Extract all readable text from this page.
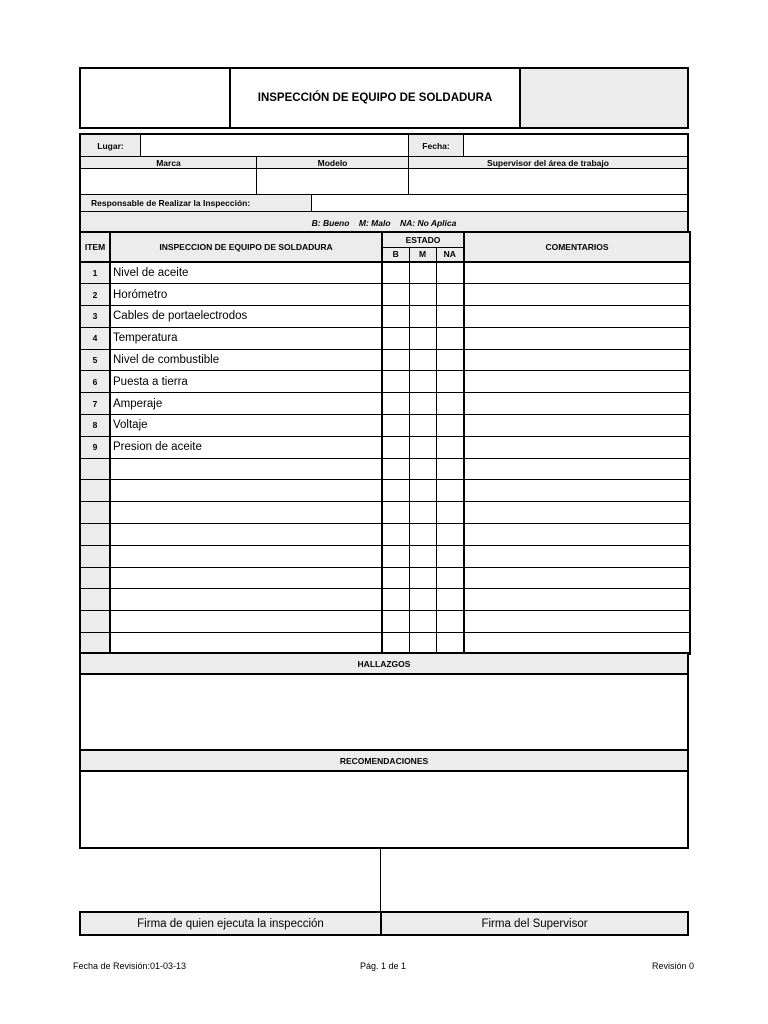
INSPECCIÓN DE EQUIPO DE SOLDADURA
Lugar:	Fecha:
Marca	Modelo	Supervisor del área de trabajo
Responsable de Realizar la Inspección:
B: Bueno    M: Malo    NA: No Aplica
ITEM	INSPECCION DE EQUIPO DE SOLDADURA	ESTADO			COMENTARIOS
		B	M	NA	
1	Nivel de aceite				
2	Horómetro				
3	Cables de portaelectrodos				
4	Temperatura				
5	Nivel de combustible				
6	Puesta a tierra				
7	Amperaje				
8	Voltaje				
9	Presion de aceite				

HALLAZGOS
RECOMENDACIONES
Firma de quien ejecuta la inspección	Firma del Supervisor
Fecha de Revisión:01-03-13	Pág. 1 de 1	Revisión 0
